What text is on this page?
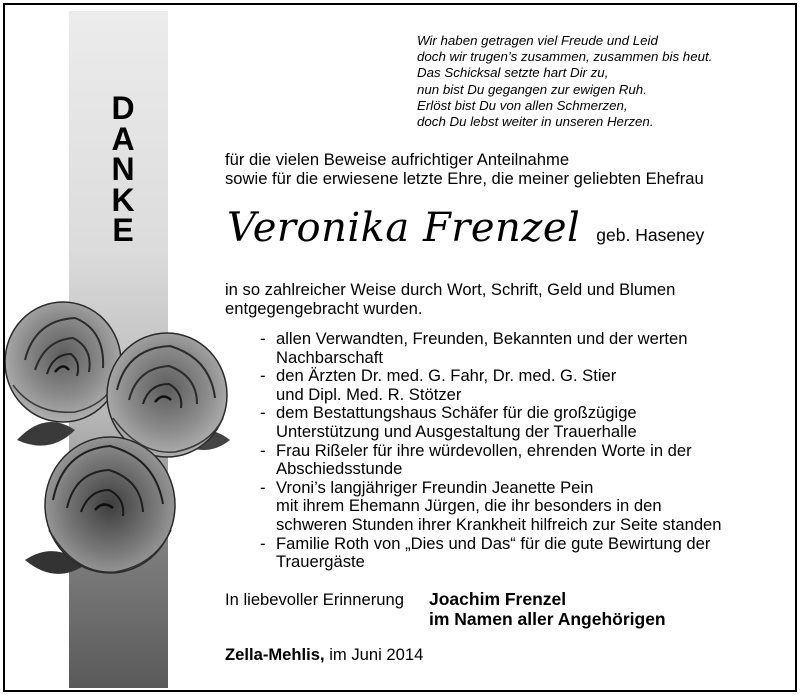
D
A
N
K
E
Wir haben getragen viel Freude und Leid
doch wir trugen’s zusammen, zusammen bis heut.
Das Schicksal setzte hart Dir zu,
nun bist Du gegangen zur ewigen Ruh.
Erlöst bist Du von allen Schmerzen,
doch Du lebst weiter in unseren Herzen.
für die vielen Beweise aufrichtiger Anteilnahme
sowie für die erwiesene letzte Ehre, die meiner geliebten Ehefrau
Veronika Frenzel geb. Haseney
in so zahlreicher Weise durch Wort, Schrift, Geld und Blumen
entgegengebracht wurden.
- allen Verwandten, Freunden, Bekannten und der werten
Nachbarschaft
- den Ärzten Dr. med. G. Fahr, Dr. med. G. Stier
und Dipl. Med. R. Stötzer
- dem Bestattungshaus Schäfer für die großzügige
Unterstützung und Ausgestaltung der Trauerhalle
- Frau Rißeler für ihre würdevollen, ehrenden Worte in der
Abschiedsstunde
- Vroni’s langjähriger Freundin Jeanette Pein
mit ihrem Ehemann Jürgen, die ihr besonders in den
schweren Stunden ihrer Krankheit hilfreich zur Seite standen
- Familie Roth von „Dies und Das“ für die gute Bewirtung der
Trauergäste
In liebevoller Erinnerung	Joachim Frenzel
im Namen aller Angehörigen
Zella-Mehlis, im Juni 2014
